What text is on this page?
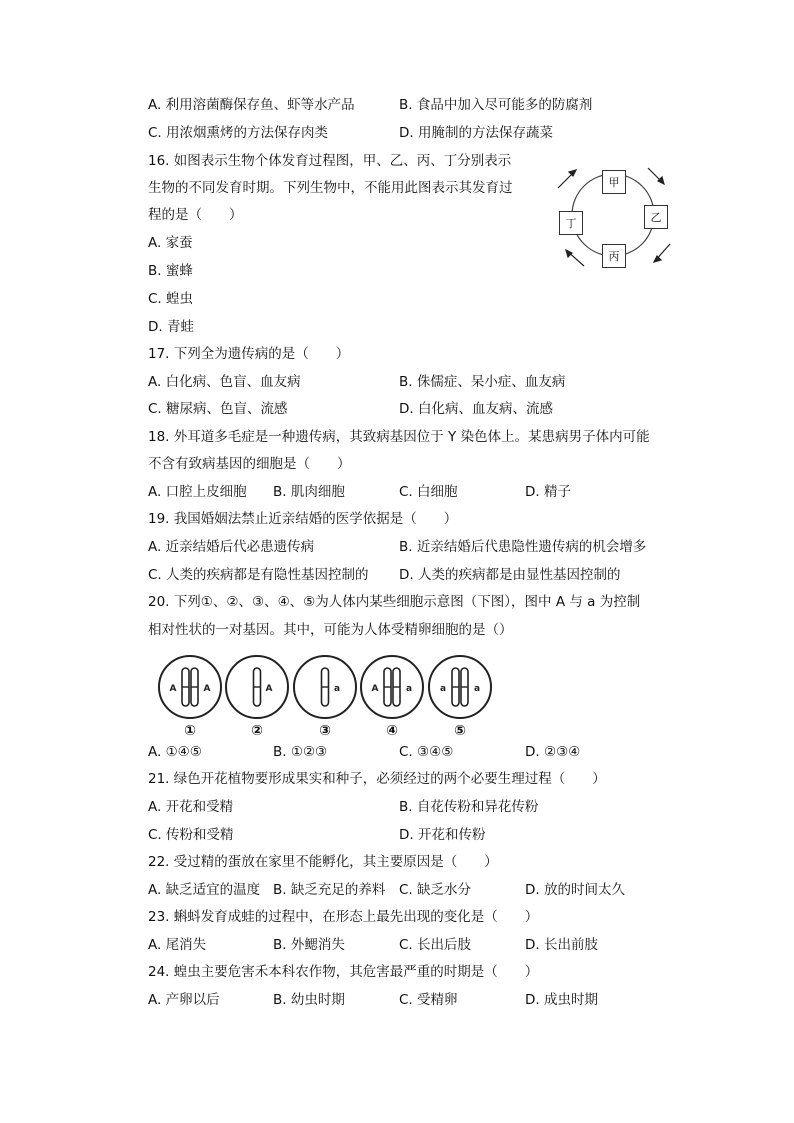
A. 利用溶菌酶保存鱼、虾等水产品	B. 食品中加入尽可能多的防腐剂
C. 用浓烟熏烤的方法保存肉类	D. 用腌制的方法保存蔬菜
16. 如图表示生物个体发育过程图，甲、乙、丙、丁分别表示
生物的不同发育时期。下列生物中，不能用此图表示其发育过
程的是（　　）
A. 家蚕
B. 蜜蜂
C. 蝗虫
D. 青蛙
甲
乙
丙
丁
17. 下列全为遗传病的是（　　）
A. 白化病、色盲、血友病	B. 侏儒症、呆小症、血友病
C. 糖尿病、色盲、流感	D. 白化病、血友病、流感
18. 外耳道多毛症是一种遗传病，其致病基因位于 Y 染色体上。某患病男子体内可能
不含有致病基因的细胞是（　　）
A. 口腔上皮细胞 B. 肌肉细胞	C. 白细胞	D. 精子
19. 我国婚姻法禁止近亲结婚的医学依据是（　　）
A. 近亲结婚后代必患遗传病	B. 近亲结婚后代患隐性遗传病的机会增多
C. 人类的疾病都是有隐性基因控制的 D. 人类的疾病都是由显性基因控制的
20. 下列①、②、③、④、⑤为人体内某些细胞示意图（下图），图中 A 与 a 为控制
相对性状的一对基因。其中，可能为人体受精卵细胞的是（）
A	A
①
A
②
a
③
A	a
④
a	a
⑤
A. ①④⑤	B. ①②③	C. ③④⑤	D. ②③④
21. 绿色开花植物要形成果实和种子，必须经过的两个必要生理过程（　　）
A. 开花和受精	B. 自花传粉和异花传粉
C. 传粉和受精	D. 开花和传粉
22. 受过精的蛋放在家里不能孵化，其主要原因是（　　）
A. 缺乏适宜的温度 B. 缺乏充足的养料 C. 缺乏水分	D. 放的时间太久
23. 蝌蚪发育成蛙的过程中，在形态上最先出现的变化是（　　）
A. 尾消失	B. 外鳃消失	C. 长出后肢	D. 长出前肢
24. 蝗虫主要危害禾本科农作物，其危害最严重的时期是（　　）
A. 产卵以后	B. 幼虫时期	C. 受精卵	D. 成虫时期
